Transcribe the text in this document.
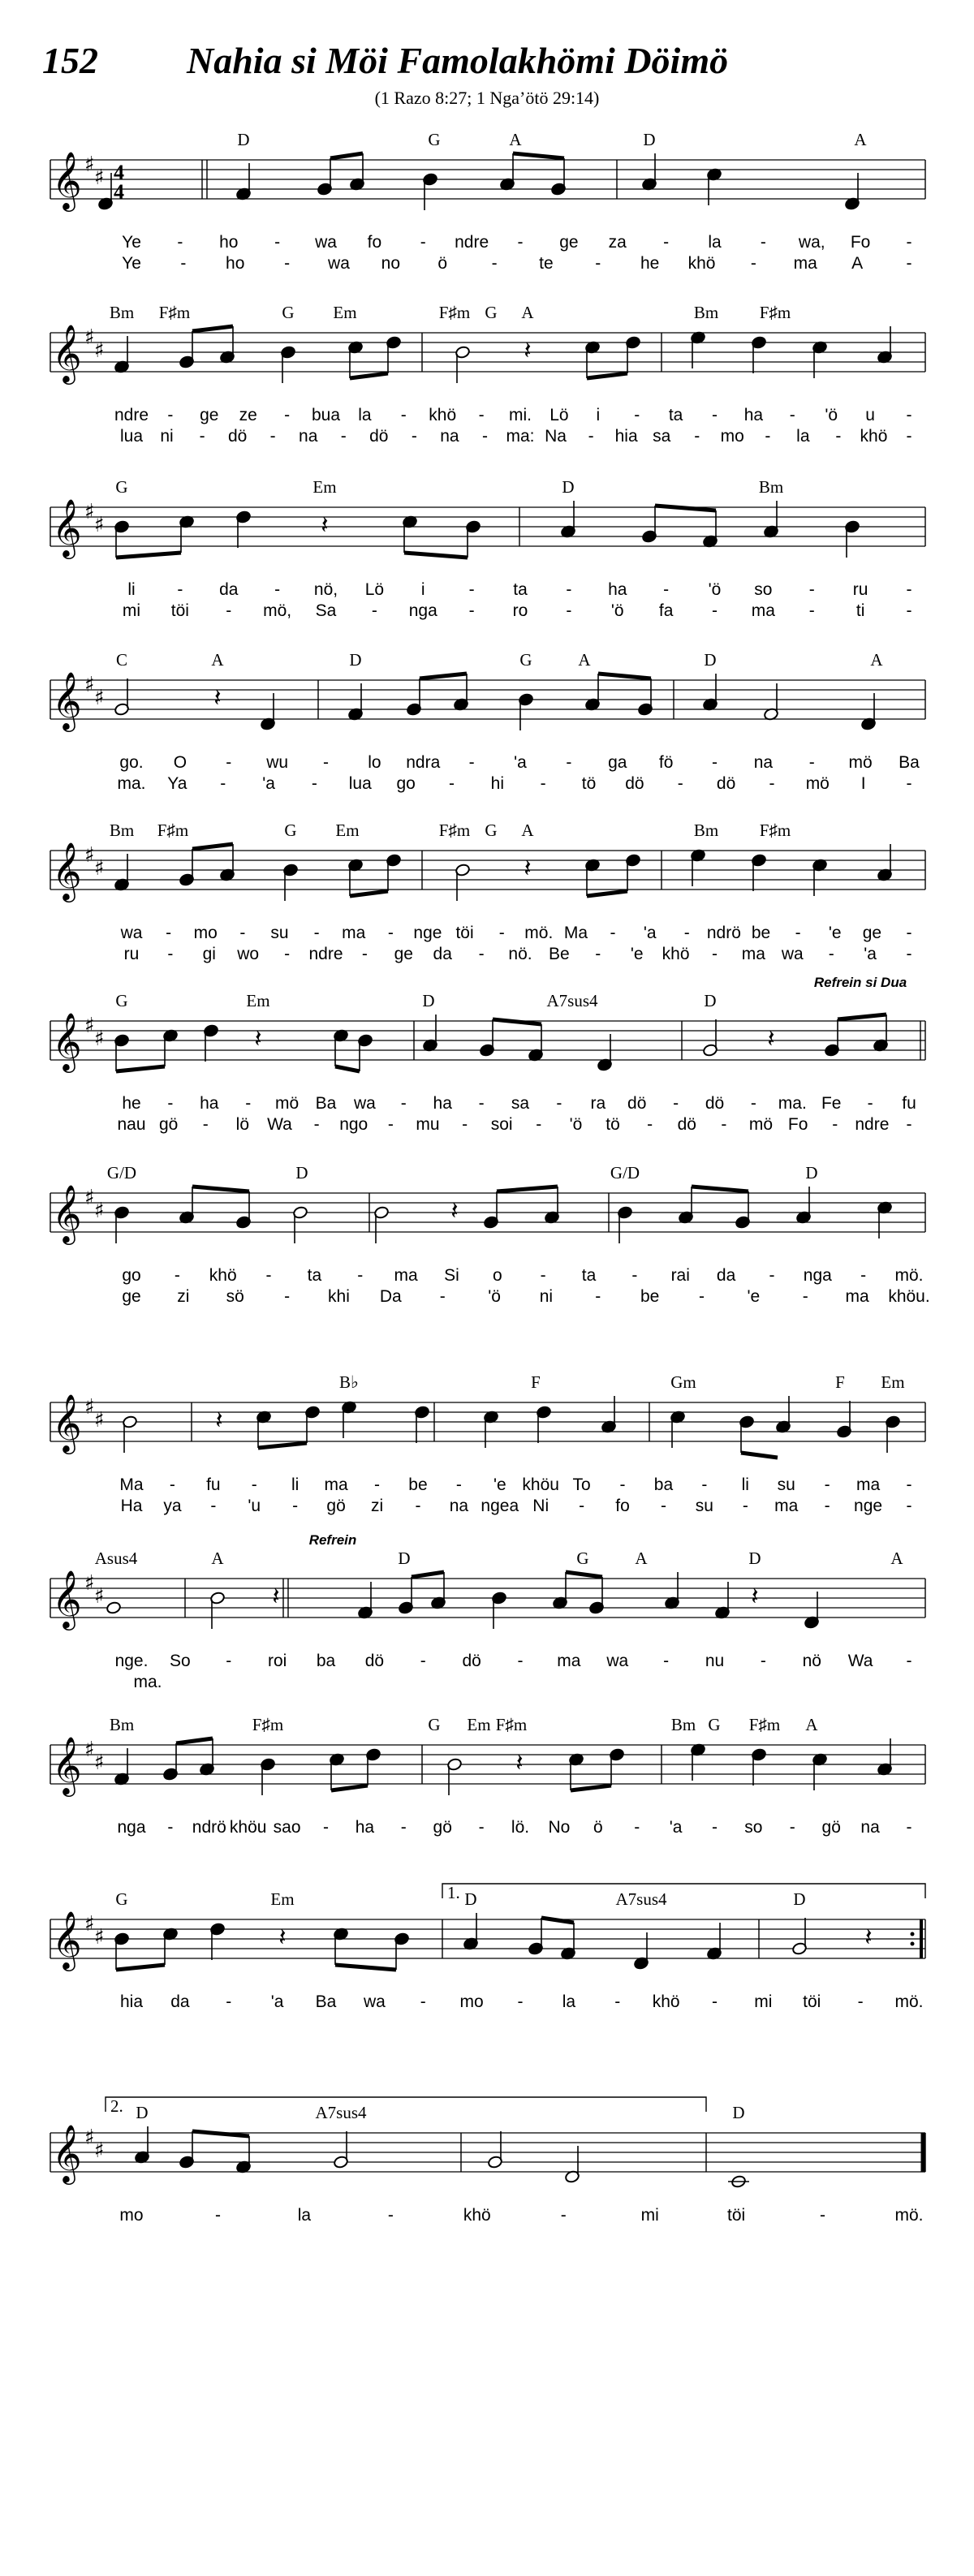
152 Nahia si Möi Famolakhömi Döimö
(1 Razo 8:27; 1 Nga’ötö 29:14)
𝄞 ♯
♯ 4
4
D	G	A	D	A
Ye - ho - wa fo - ndre - ge za - la - wa, Fo -
Ye - ho - wa no ö	- te - he khö - ma A	-
𝄞 ♯
♯
Bm F♯m	G Em	F♯m G A	Bm F♯m
𝄽
ndre - ge ze - bua la - khö - mi. Lö i - ta - ha - 'ö u -
lua ni - dö - na - dö - na - ma: Na - hia sa - mo - la - khö -
𝄞 ♯
♯
G	Em	D	Bm
𝄽
li - da - nö, Lö i	- ta - ha - 'ö so - ru -
mi töi - mö, Sa - nga - ro - 'ö fa - ma - ti -
𝄞 ♯
♯
C	A	D	G	A	D	A
𝄽
go. O - wu - lo ndra - 'a - ga fö - na - mö Ba
ma. Ya - 'a - lua go - hi - tö dö - dö - mö I -
𝄞 ♯
♯
Bm F♯m	G Em	F♯m G A	Bm F♯m
𝄽
wa - mo - su - ma - nge töi - mö. Ma - 'a - ndrö be - 'e ge -
ru - gi wo - ndre - ge da - nö. Be - 'e khö - ma wa - 'a -
𝄞 ♯
♯
G	Em	D	A7sus4	D
Refrein si Dua
𝄽	𝄽
he - ha - mö Ba wa - ha - sa - ra dö - dö - ma. Fe - fu
nau gö - lö Wa - ngo - mu - soi - 'ö tö - dö - mö Fo - ndre -
𝄞 ♯
♯
G/D	D	G/D	D
𝄽
go - khö - ta - ma Si o - ta - rai da - nga - mö.
ge zi sö - khi Da -	'ö ni - be -	'e	- ma khöu.
𝄞 ♯
♯
B♭	F	Gm	F Em
𝄽
Ma - fu - li ma - be - 'e khöu To - ba - li su - ma -
Ha ya - 'u - gö zi - na ngea Ni - fo - su - ma - nge -
𝄞 ♯
♯
Asus4	A	D	G	A	D	A
Refrein
𝄽	𝄽
nge. So - roi ba dö - dö - ma wa - nu - nö Wa -
ma.
𝄞 ♯
♯
Bm	F♯m	G Em F♯m	G	A
Bm	F♯m
𝄽
nga - ndrö khöu sao - ha - gö - lö. No ö - 'a - so - gö na -
𝄞 ♯
♯
G	Em	D	A7sus4	D
1.
𝄽	𝄽
hia da - 'a Ba wa - mo - la - khö - mi töi - mö.
𝄞 ♯
♯
D	A7sus4	D
2.
mo	-	la	-	khö	-	mi	töi	-	mö.
